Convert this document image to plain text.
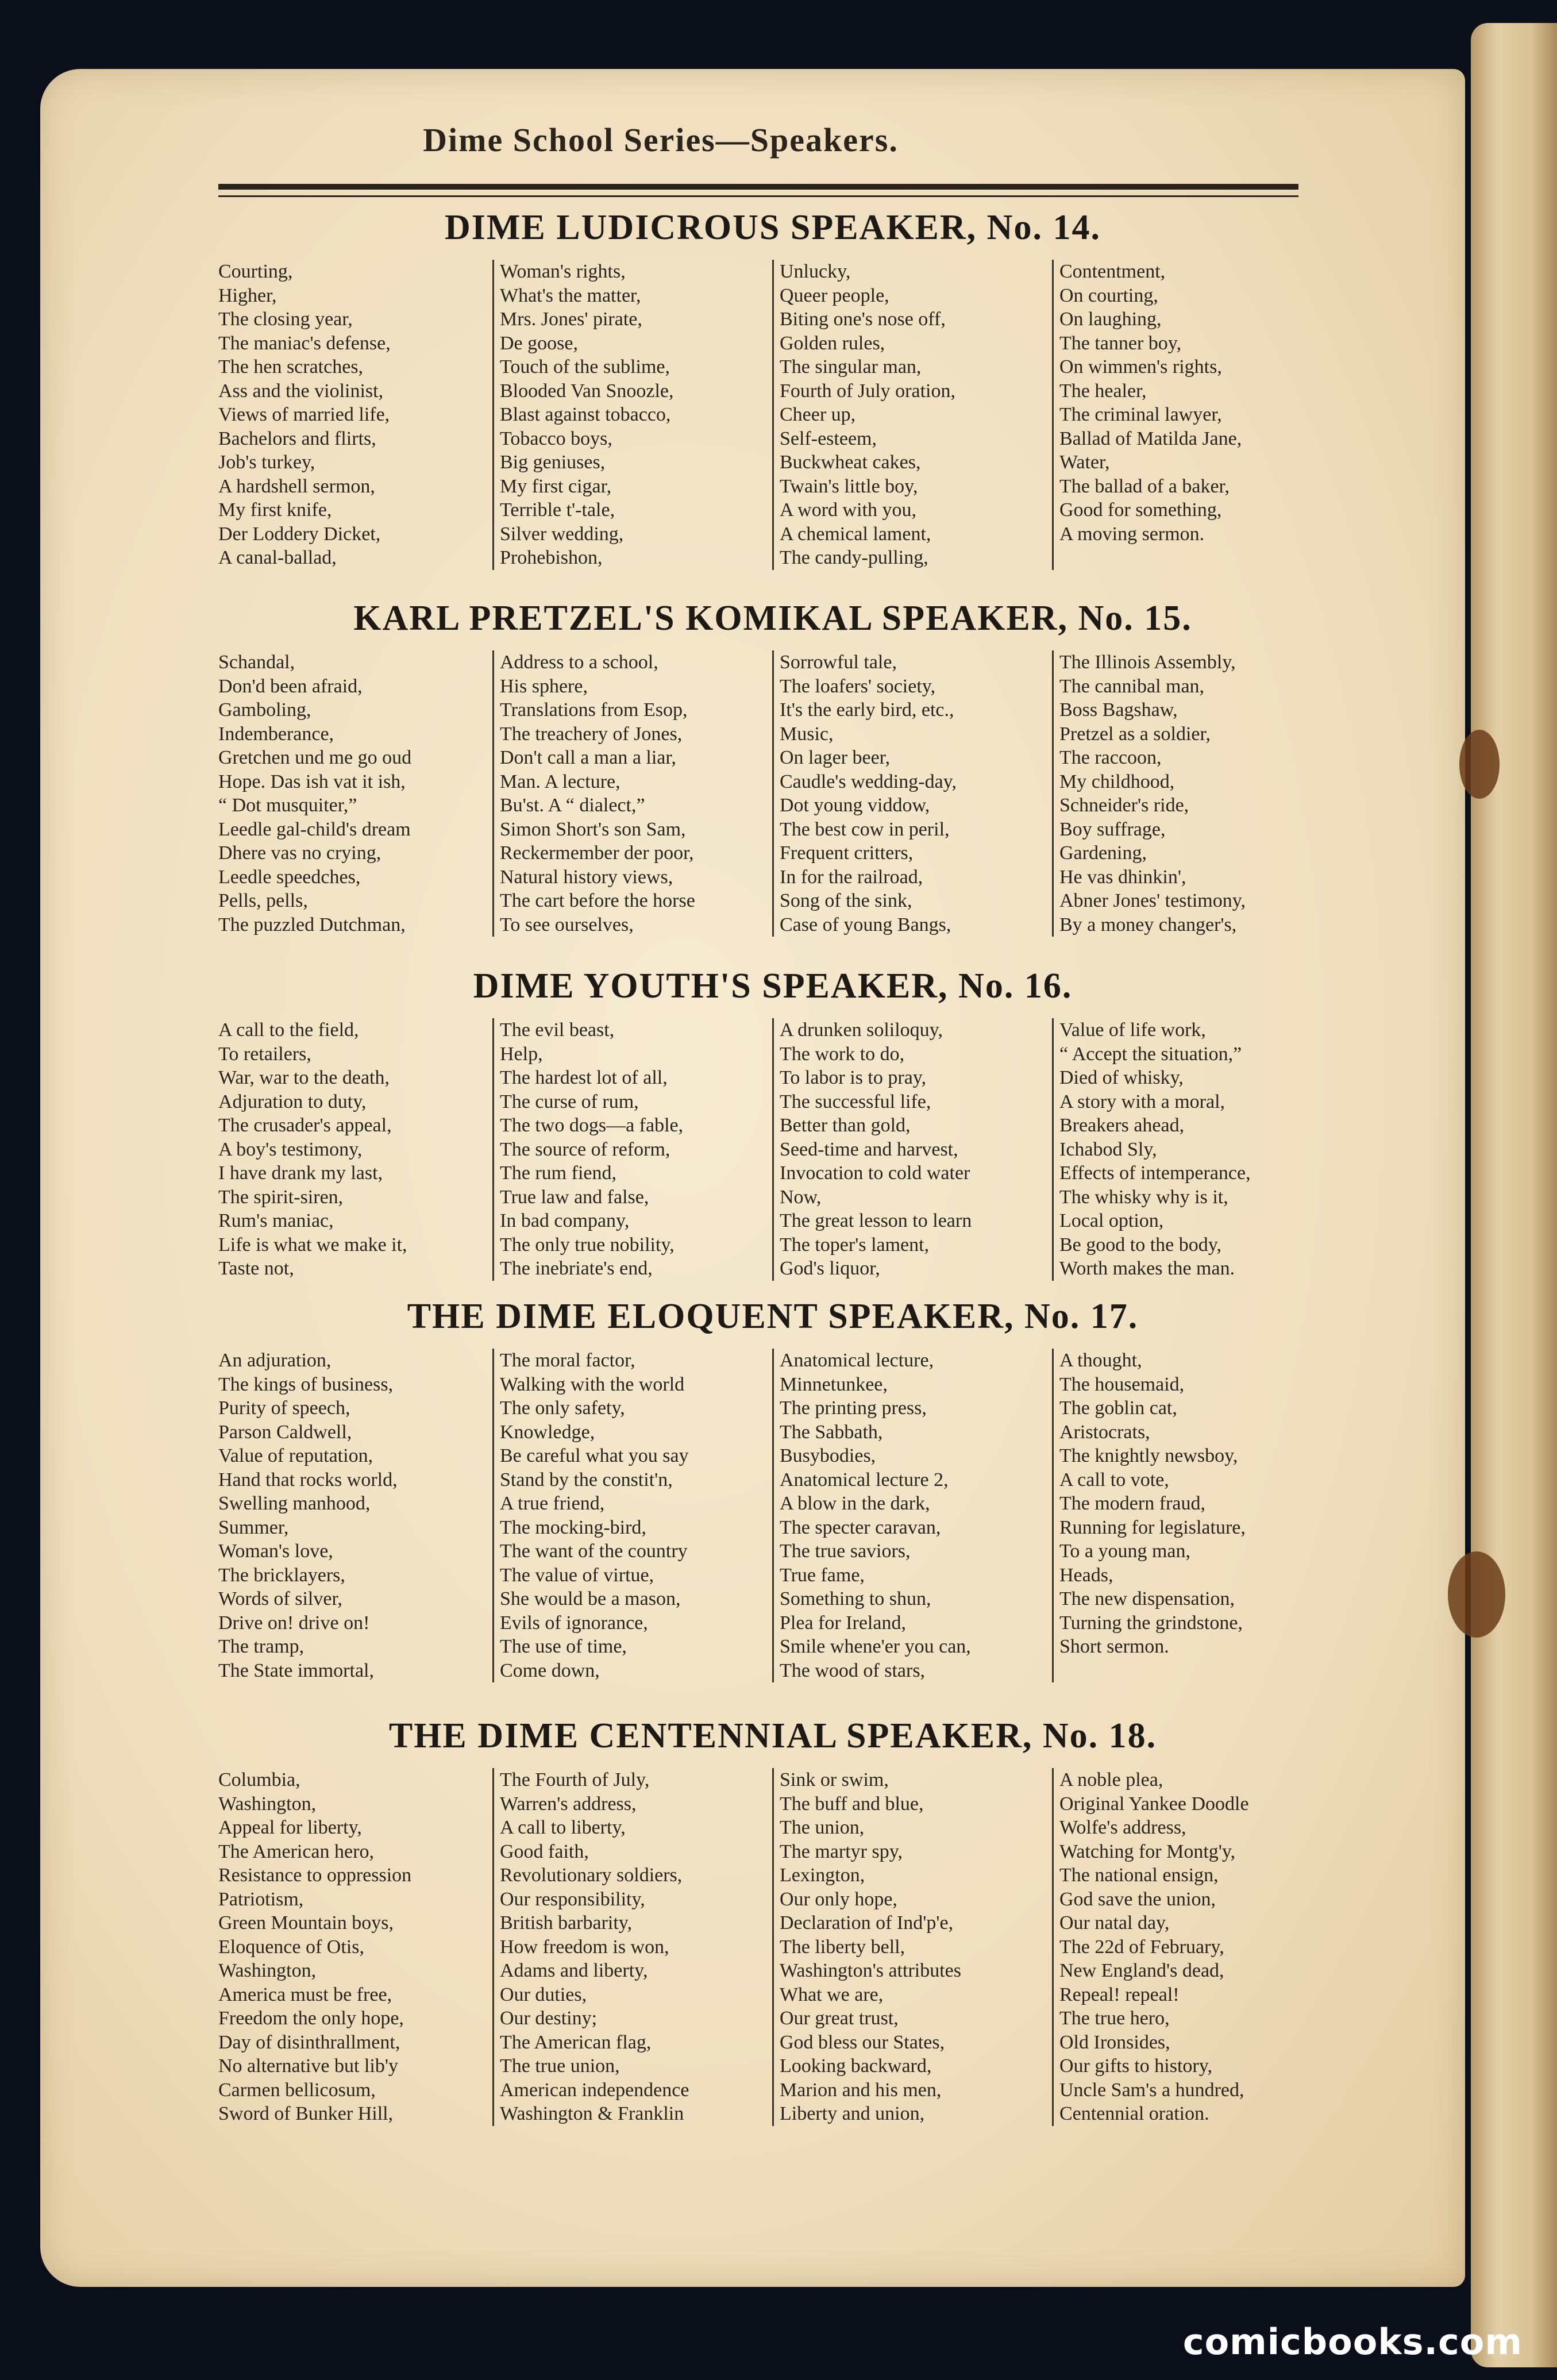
Dime School Series—Speakers.
DIME LUDICROUS SPEAKER, No. 14.
Courting,
Higher,
The closing year,
The maniac's defense,
The hen scratches,
Ass and the violinist,
Views of married life,
Bachelors and flirts,
Job's turkey,
A hardshell sermon,
My first knife,
Der Loddery Dicket,
A canal-ballad,
Woman's rights,
What's the matter,
Mrs. Jones' pirate,
De goose,
Touch of the sublime,
Blooded Van Snoozle,
Blast against tobacco,
Tobacco boys,
Big geniuses,
My first cigar,
Terrible t'-tale,
Silver wedding,
Prohebishon,
Unlucky,
Queer people,
Biting one's nose off,
Golden rules,
The singular man,
Fourth of July oration,
Cheer up,
Self-esteem,
Buckwheat cakes,
Twain's little boy,
A word with you,
A chemical lament,
The candy-pulling,
Contentment,
On courting,
On laughing,
The tanner boy,
On wimmen's rights,
The healer,
The criminal lawyer,
Ballad of Matilda Jane,
Water,
The ballad of a baker,
Good for something,
A moving sermon.
KARL PRETZEL'S KOMIKAL SPEAKER, No. 15.
Schandal,
Don'd been afraid,
Gamboling,
Indemberance,
Gretchen und me go oud
Hope. Das ish vat it ish,
“ Dot musquiter,”
Leedle gal-child's dream
Dhere vas no crying,
Leedle speedches,
Pells, pells,
The puzzled Dutchman,
Address to a school,
His sphere,
Translations from Esop,
The treachery of Jones,
Don't call a man a liar,
Man. A lecture,
Bu'st. A “ dialect,”
Simon Short's son Sam,
Reckermember der poor,
Natural history views,
The cart before the horse
To see ourselves,
Sorrowful tale,
The loafers' society,
It's the early bird, etc.,
Music,
On lager beer,
Caudle's wedding-day,
Dot young viddow,
The best cow in peril,
Frequent critters,
In for the railroad,
Song of the sink,
Case of young Bangs,
The Illinois Assembly,
The cannibal man,
Boss Bagshaw,
Pretzel as a soldier,
The raccoon,
My childhood,
Schneider's ride,
Boy suffrage,
Gardening,
He vas dhinkin',
Abner Jones' testimony,
By a money changer's,
DIME YOUTH'S SPEAKER, No. 16.
A call to the field,
To retailers,
War, war to the death,
Adjuration to duty,
The crusader's appeal,
A boy's testimony,
I have drank my last,
The spirit-siren,
Rum's maniac,
Life is what we make it,
Taste not,
The evil beast,
Help,
The hardest lot of all,
The curse of rum,
The two dogs—a fable,
The source of reform,
The rum fiend,
True law and false,
In bad company,
The only true nobility,
The inebriate's end,
A drunken soliloquy,
The work to do,
To labor is to pray,
The successful life,
Better than gold,
Seed-time and harvest,
Invocation to cold water
Now,
The great lesson to learn
The toper's lament,
God's liquor,
Value of life work,
“ Accept the situation,”
Died of whisky,
A story with a moral,
Breakers ahead,
Ichabod Sly,
Effects of intemperance,
The whisky why is it,
Local option,
Be good to the body,
Worth makes the man.
THE DIME ELOQUENT SPEAKER, No. 17.
An adjuration,
The kings of business,
Purity of speech,
Parson Caldwell,
Value of reputation,
Hand that rocks world,
Swelling manhood,
Summer,
Woman's love,
The bricklayers,
Words of silver,
Drive on! drive on!
The tramp,
The State immortal,
The moral factor,
Walking with the world
The only safety,
Knowledge,
Be careful what you say
Stand by the constit'n,
A true friend,
The mocking-bird,
The want of the country
The value of virtue,
She would be a mason,
Evils of ignorance,
The use of time,
Come down,
Anatomical lecture,
Minnetunkee,
The printing press,
The Sabbath,
Busybodies,
Anatomical lecture 2,
A blow in the dark,
The specter caravan,
The true saviors,
True fame,
Something to shun,
Plea for Ireland,
Smile whene'er you can,
The wood of stars,
A thought,
The housemaid,
The goblin cat,
Aristocrats,
The knightly newsboy,
A call to vote,
The modern fraud,
Running for legislature,
To a young man,
Heads,
The new dispensation,
Turning the grindstone,
Short sermon.
THE DIME CENTENNIAL SPEAKER, No. 18.
Columbia,
Washington,
Appeal for liberty,
The American hero,
Resistance to oppression
Patriotism,
Green Mountain boys,
Eloquence of Otis,
Washington,
America must be free,
Freedom the only hope,
Day of disinthrallment,
No alternative but lib'y
Carmen bellicosum,
Sword of Bunker Hill,
The Fourth of July,
Warren's address,
A call to liberty,
Good faith,
Revolutionary soldiers,
Our responsibility,
British barbarity,
How freedom is won,
Adams and liberty,
Our duties,
Our destiny;
The American flag,
The true union,
American independence
Washington & Franklin
Sink or swim,
The buff and blue,
The union,
The martyr spy,
Lexington,
Our only hope,
Declaration of Ind'p'e,
The liberty bell,
Washington's attributes
What we are,
Our great trust,
God bless our States,
Looking backward,
Marion and his men,
Liberty and union,
A noble plea,
Original Yankee Doodle
Wolfe's address,
Watching for Montg'y,
The national ensign,
God save the union,
Our natal day,
The 22d of February,
New England's dead,
Repeal! repeal!
The true hero,
Old Ironsides,
Our gifts to history,
Uncle Sam's a hundred,
Centennial oration.
comicbooks.com
